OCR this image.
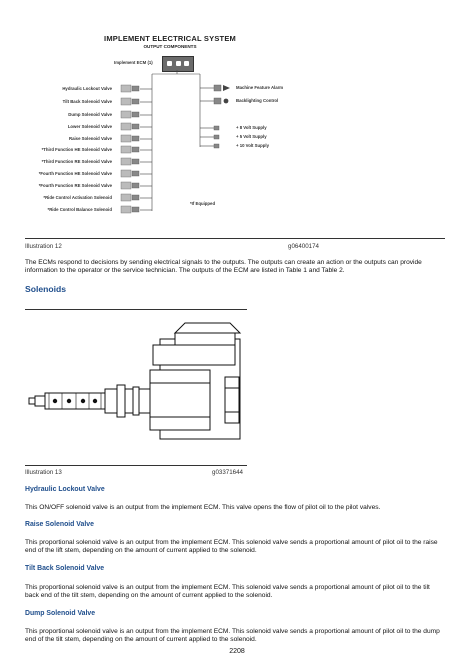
IMPLEMENT ELECTRICAL SYSTEM
OUTPUT COMPONENTS
Implement ECM (1)
Hydraulic Lockout Valve
Tilt Back Solenoid Valve
Dump Solenoid Valve
Lower Solenoid Valve
Raise Solenoid Valve
*Third Function HE Solenoid Valve
*Third Function RE Solenoid Valve
*Fourth Function HE Solenoid Valve
*Fourth Function RE Solenoid Valve
*Ride Control Activation Solenoid
*Ride Control Balance Solenoid
Machine Feature Alarm
Backlighting Control
+ 8 Volt Supply
+ 5 Volt Supply
+ 10 Volt Supply
*If Equipped
Illustration 12	g06400174
The ECMs respond to decisions by sending electrical signals to the outputs. The outputs can create an action or the outputs can provide information to the operator or the service technician. The outputs of the ECM are listed in Table 1 and Table 2.
Solenoids
Illustration 13	g03371644
Hydraulic Lockout Valve
This ON/OFF solenoid valve is an output from the implement ECM. This valve opens the flow of pilot oil to the pilot valves.
Raise Solenoid Valve
This proportional solenoid valve is an output from the implement ECM. This solenoid valve sends a proportional amount of pilot oil to the raise end of the lift stem, depending on the amount of current applied to the solenoid.
Tilt Back Solenoid Valve
This proportional solenoid valve is an output from the implement ECM. This solenoid valve sends a proportional amount of pilot oil to the tilt back end of the tilt stem, depending on the amount of current applied to the solenoid.
Dump Solenoid Valve
This proportional solenoid valve is an output from the implement ECM. This solenoid valve sends a proportional amount of pilot oil to the dump end of the tilt stem, depending on the amount of current applied to the solenoid.
2208
